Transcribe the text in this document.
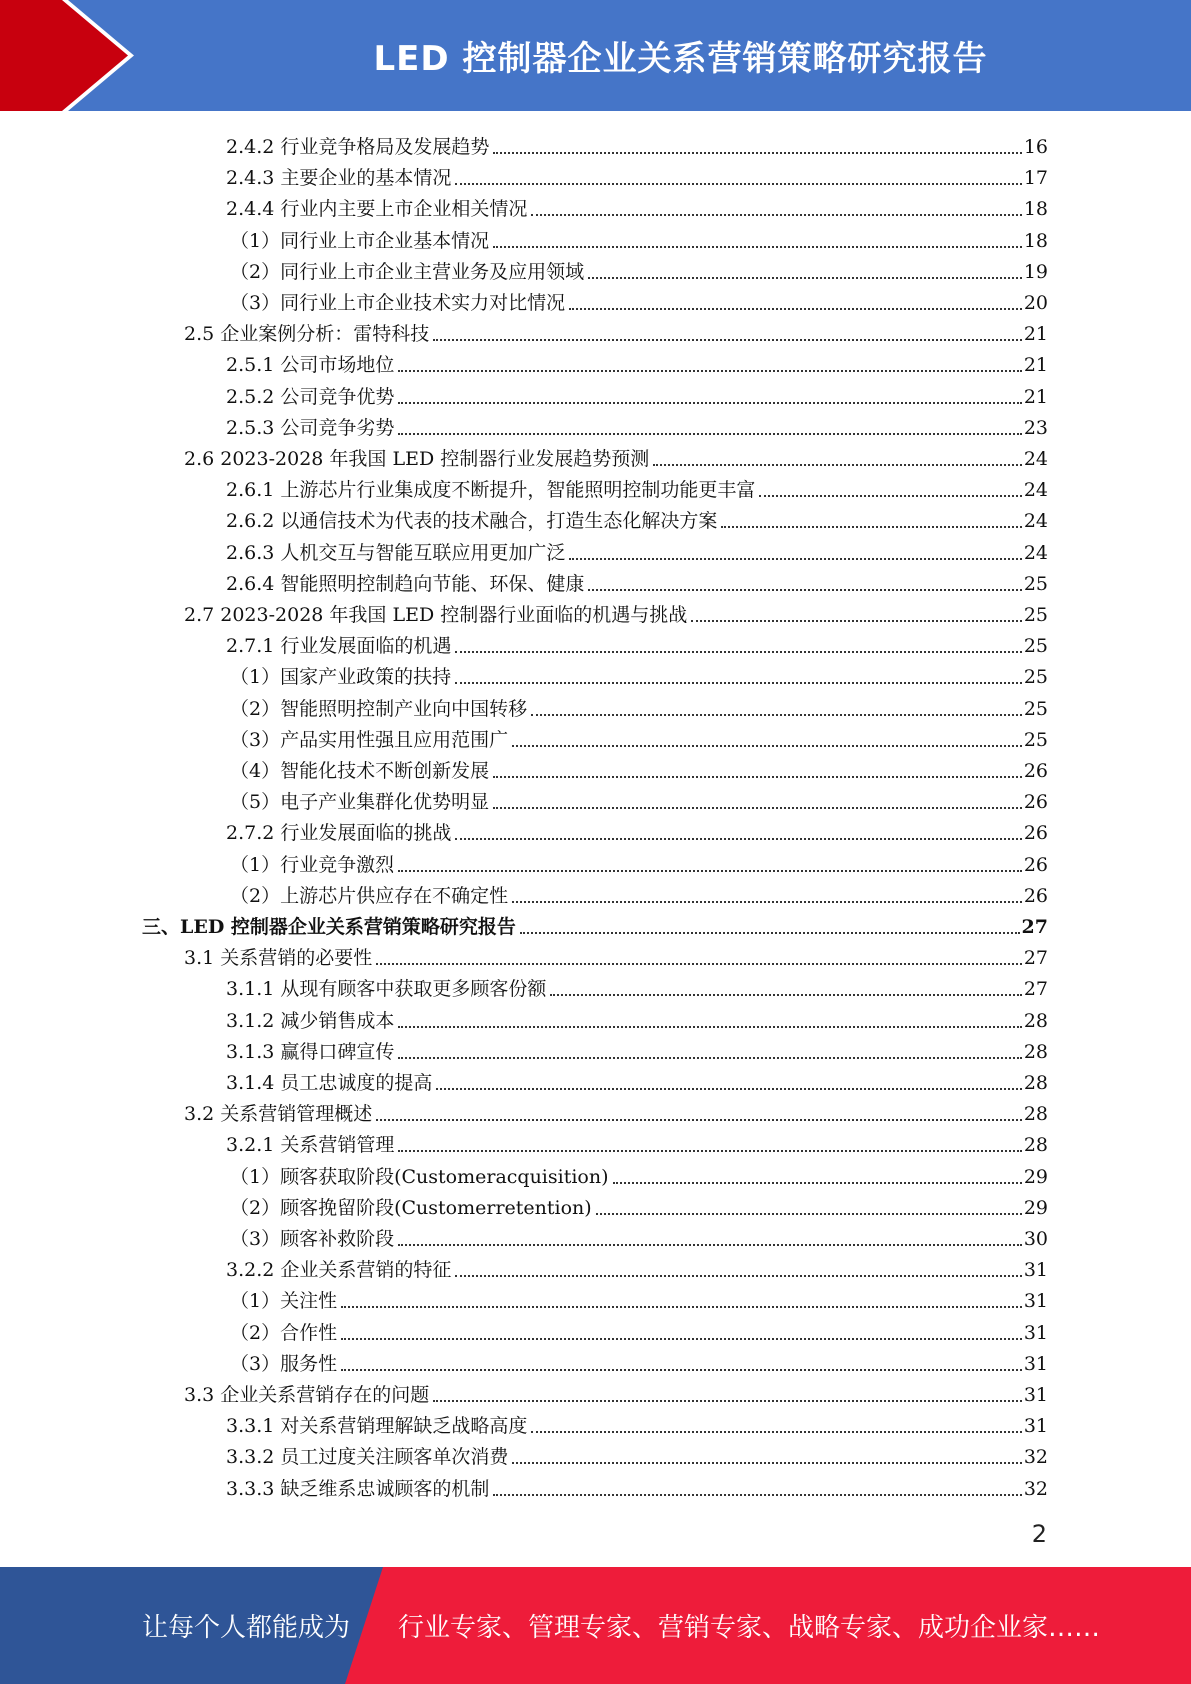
LED 控制器企业关系营销策略研究报告
2.4.2 行业竞争格局及发展趋势	16
2.4.3 主要企业的基本情况	17
2.4.4 行业内主要上市企业相关情况	18
（1）同行业上市企业基本情况	18
（2）同行业上市企业主营业务及应用领域	19
（3）同行业上市企业技术实力对比情况	20
2.5 企业案例分析：雷特科技	21
2.5.1 公司市场地位	21
2.5.2 公司竞争优势	21
2.5.3 公司竞争劣势	23
2.6 2023-2028 年我国 LED 控制器行业发展趋势预测	24
2.6.1 上游芯片行业集成度不断提升，智能照明控制功能更丰富	24
2.6.2 以通信技术为代表的技术融合，打造生态化解决方案	24
2.6.3 人机交互与智能互联应用更加广泛	24
2.6.4 智能照明控制趋向节能、环保、健康	25
2.7 2023-2028 年我国 LED 控制器行业面临的机遇与挑战	25
2.7.1 行业发展面临的机遇	25
（1）国家产业政策的扶持	25
（2）智能照明控制产业向中国转移	25
（3）产品实用性强且应用范围广	25
（4）智能化技术不断创新发展	26
（5）电子产业集群化优势明显	26
2.7.2 行业发展面临的挑战	26
（1）行业竞争激烈	26
（2）上游芯片供应存在不确定性	26
三、LED 控制器企业关系营销策略研究报告	27
3.1 关系营销的必要性	27
3.1.1 从现有顾客中获取更多顾客份额	27
3.1.2 减少销售成本	28
3.1.3 赢得口碑宣传	28
3.1.4 员工忠诚度的提高	28
3.2 关系营销管理概述	28
3.2.1 关系营销管理	28
（1）顾客获取阶段(Customeracquisition)	29
（2）顾客挽留阶段(Customerretention)	29
（3）顾客补救阶段	30
3.2.2 企业关系营销的特征	31
（1）关注性	31
（2）合作性	31
（3）服务性	31
3.3 企业关系营销存在的问题	31
3.3.1 对关系营销理解缺乏战略高度	31
3.3.2 员工过度关注顾客单次消费	32
3.3.3 缺乏维系忠诚顾客的机制	32
2
让每个人都能成为 行业专家、管理专家、营销专家、战略专家、成功企业家……
